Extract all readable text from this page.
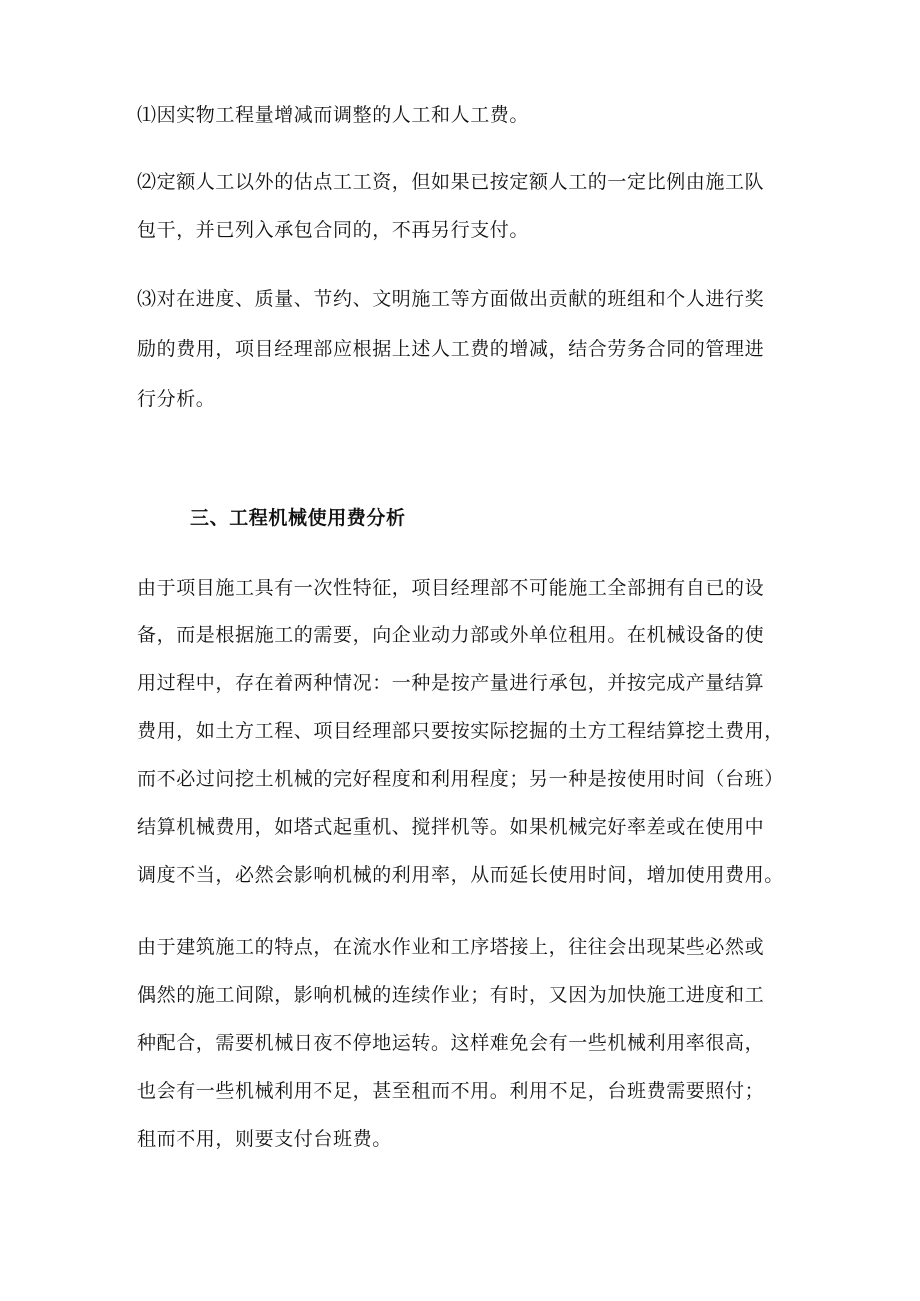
⑴因实物工程量增减而调整的人工和人工费。
⑵定额人工以外的估点工工资，但如果已按定额人工的一定比例由施工队
包干，并已列入承包合同的，不再另行支付。
⑶对在进度、质量、节约、文明施工等方面做出贡献的班组和个人进行奖
励的费用，项目经理部应根据上述人工费的增减，结合劳务合同的管理进
行分析。
三、工程机械使用费分析
由于项目施工具有一次性特征，项目经理部不可能施工全部拥有自已的设
备，而是根据施工的需要，向企业动力部或外单位租用。在机械设备的使
用过程中，存在着两种情况：一种是按产量进行承包，并按完成产量结算
费用，如土方工程、项目经理部只要按实际挖掘的土方工程结算挖土费用，
而不必过问挖土机械的完好程度和利用程度；另一种是按使用时间（台班）
结算机械费用，如塔式起重机、搅拌机等。如果机械完好率差或在使用中
调度不当，必然会影响机械的利用率，从而延长使用时间，增加使用费用。
由于建筑施工的特点，在流水作业和工序塔接上，往往会出现某些必然或
偶然的施工间隙，影响机械的连续作业；有时，又因为加快施工进度和工
种配合，需要机械日夜不停地运转。这样难免会有一些机械利用率很高，
也会有一些机械利用不足，甚至租而不用。利用不足，台班费需要照付；
租而不用，则要支付台班费。
